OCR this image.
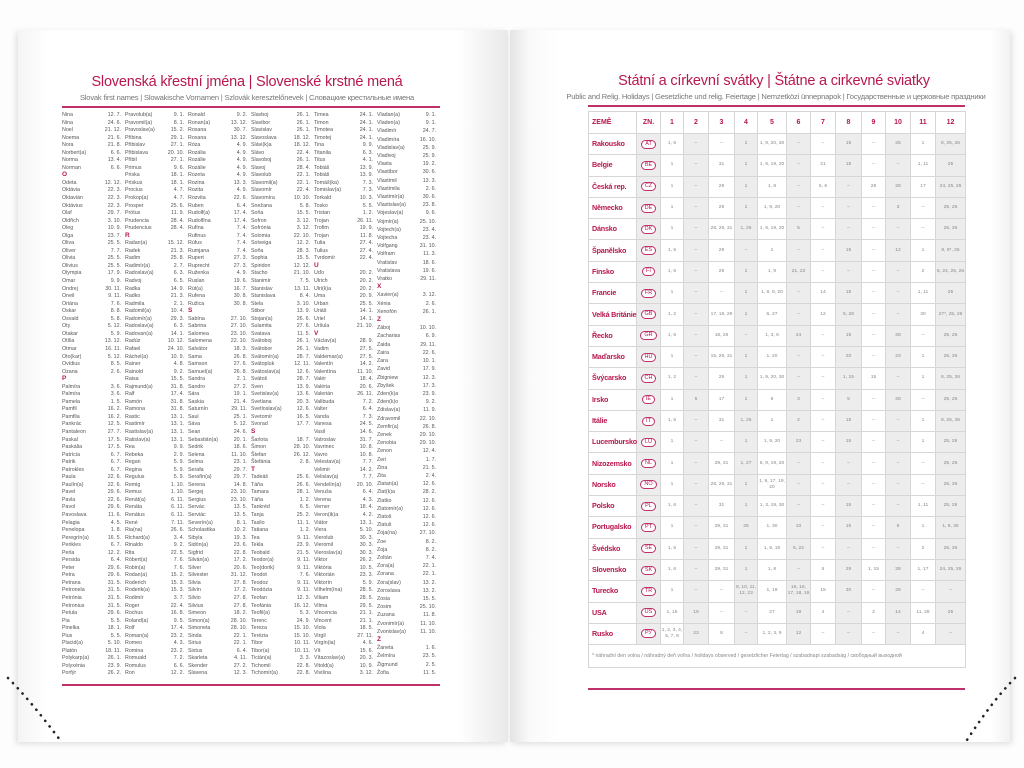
Slovenská křestní jména | Slovenské krstné mená
Slovak first names | Slowakische Vornamen | Szlovák keresztelőnevek | Словацкие крестильные имена
Nina	12. 7.
Nina	24. 6.
Noel	21. 12.
Noema	21. 6.
Nora	21. 8.
Norbert(a)	6. 6.
Norma	13. 4.
Norman	6. 6.
O
Odeta	12. 12.
Oktávia	22. 3.
Oktavián	22. 3.
Oktávius	22. 3.
Olaf	29. 7.
Oldřich	3. 10.
Oleg	10. 9.
Olga	23. 7.
Oliva	25. 5.
Oliver	7. 7.
Olivia	25. 5.
Olivius	25. 5.
Olympia	17. 9.
Omar	9. 9.
Ondrej	30. 11.
Oneil	9. 11.
Oriána	7. 6.
Oskar	8. 8.
Osvald	5. 8.
Oty	5. 12.
Otakar	5. 9.
Otília	13. 12.
Otmar	16. 11.
Oto(kar)	5. 12.
Ovídius	8. 5.
Ozana	2. 6.
P
Palmíra	3. 6.
Palmíra	3. 6.
Pamela	1. 5.
Pamfil	16. 2.
Pamfila	16. 2.
Pankrác	12. 5.
Pantaleon	27. 7.
Paskal	17. 5.
Paskália	17. 5.
Patrícia	6. 7.
Patrik	6. 7.
Patrokles	6. 7.
Paula	22. 6.
Paulín(a)	22. 6.
Pavel	29. 6.
Pavla	22. 6.
Pavol	29. 6.
Pavoslava	11. 6.
Pelagia	4. 5.
Penelopa	1. 8.
Peregrín(a)	16. 5.
Perikles	6. 7.
Perla	12. 2.
Persida	6. 4.
Peter	29. 6.
Petra	29. 6.
Petrana	31. 5.
Petronela	31. 5.
Petrónia	31. 5.
Petronius	31. 5.
Petula	29. 6.
Pia	5. 5.
Pinelka	18. 1.
Pius	5. 5.
Placid(a)	5. 10.
Platón	18. 11.
Polykarp(a)	26. 1.
Polyxénia	23. 9.
Porfýr	26. 2.
Pravolub(a)	9. 1.
Pravomil(a)	8. 1.
Pravoslav(a)	15. 2.
Přibina	29. 1.
Přibislav	27. 1.
Přibislava	20. 10.
Přibil	27. 1.
Primus	9. 6.
Priska	18. 1.
Priskus	18. 1.
Procius	4. 7.
Prokop(a)	4. 7.
Prosper	25. 6.
Prótus	11. 9.
Prudencia	28. 4.
Prudencius	28. 4.
R
Radan(a)	15. 12.
Radek	21. 3.
Radim	25. 8.
Radimír(a)	2. 7.
Radoslav(a)	6. 3.
Radvoj	6. 5.
Radka	14. 9.
Radko	21. 3.
Radmila	2. 1.
Radomil(a)	10. 4.
Radomír(a)	29. 3.
Radoslav(a)	6. 3.
Radovan(a)	14. 1.
Radúz	10. 12.
Rafael	24. 10.
Ráchel(a)	10. 9.
Rainer	4. 8.
Rainold	9. 2.
Raisa	15. 5.
Rajmund(a)	31. 8.
Ralf	17. 4.
Ramón	31. 8.
Ramona	31. 8.
Rastic	13. 1.
Rastimír	13. 1.
Rastislav(a)	13. 1.
Ratislav(a)	13. 1.
Rea	9. 9.
Rebeka	2. 9.
Regan	5. 9.
Regina	5. 9.
Regulus	5. 9.
Remig	1. 10.
Remus	1. 10.
Renát(a)	6. 11.
Renáta	6. 11.
Renátus	6. 11.
René	7. 11.
Ria(na)	26. 6.
Richard(a)	3. 4.
Rinaldo	9. 2.
Rita	22. 5.
Róbert(a)	7. 6.
Robin(a)	7. 6.
Rodan(a)	15. 2.
Roderich	15. 3.
Roderik(a)	15. 3.
Rodimír	3. 7.
Roger	22. 4.
Rochus	16. 8.
Roland(a)	9. 5.
Rolf	17. 4.
Roman(a)	23. 2.
Romeo	4. 3.
Romina	23. 2.
Romuald	7. 2.
Romulus	6. 6.
Ron	12. 2.
Ronald	9. 2.
Ronan(a)	13. 12.
Roxana	30. 7.
Roxana	13. 12.
Róza	4. 9.
Rozália	4. 9.
Rozálie	4. 9.
Rozálie	4. 9.
Rozeta	4. 9.
Rozina	13. 3.
Rozita	4. 9.
Rozvita	22. 6.
Ruben	6. 4.
Rudolf(a)	17. 4.
Rudolfína	17. 4.
Rufína	7. 4.
Rufinus	7. 4.
Rúfus	7. 4.
Rumjana	7. 4.
Rupert	27. 3.
Ruprecht	27. 3.
Ruženka	4. 9.
Ruslan	19. 6.
Rút(a)	16. 7.
Rufena	30. 8.
Ružica	30. 8.
S
Sabína	27. 10.
Sabrina	27. 10.
Salomea	23. 10.
Salomena	22. 10.
Salvátor	18. 3.
Sama	26. 8.
Samson	27. 6.
Samuel(a)	26. 8.
Sandra	2. 1.
Sandro	27. 2.
Sára	19. 1.
Saskia	21. 4.
Saturnín	29. 11.
Saul	25. 1.
Sáva	5. 12.
Sean	24. 6.
Sebastián(a)	20. 1.
Sedrik	18. 6.
Selena	11. 10.
Selma	23. 1.
Serafa	29. 7.
Serafín(a)	29. 7.
Serena	14. 8.
Sergej	23. 10.
Sergius	23. 10.
Servác	13. 5.
Serviác	13. 5.
Severín(a)	8. 1.
Scholastika	10. 2.
Sibyla	19. 3.
Sidón(a)	23. 6.
Sigfrid	22. 8.
Silván(a)	17. 2.
Silver	20. 6.
Silvester	31. 12.
Silvia	27. 8.
Silvín	17. 2.
Silvio	27. 8.
Silvius	27. 8.
Simeon	18. 2.
Simon(a)	28. 10.
Simoneta	28. 10.
Sinda	22. 1.
Sirius	22. 1.
Sixtus	6. 4.
Skarleta	4. 11.
Skender	27. 2.
Slavena	12. 3.
Slavboj	26. 1.
Slavibor	26. 1.
Slavislav	26. 1.
Slavoslava	18. 12.
Slávi(k)a	18. 12.
Slávo	22. 4.
Slavoboj	26. 1.
Slavoj	28. 4.
Slavolub	22. 1.
Slavomil(a)	22. 1.
Slavomír	22. 4.
Slavomíra	10. 10.
Snežana	5. 8.
Soňa	15. 5.
Sofron	3. 12.
Sofrónia	3. 12.
Solomia	22. 10.
Solveiga	12. 2.
Soňa	28. 3.
Sophia	15. 5.
Spiridon	12. 12.
Stacho	21. 10.
Stanimír	7. 5.
Stanislav	13. 11.
Stanislava	8. 4.
Stela	3. 10.
Stibor	13. 9.
Stojan(a)	26. 6.
Sulamita	27. 6.
Svatava	11. 5.
Svätoboj	26. 1.
Svätobor	26. 1.
Svätomír(a)	28. 7.
Svätopluk	12. 11.
Svätoslav(a)	12. 6.
Svätoš	28. 7.
Sven	13. 9.
Svetislav(a)	13. 6.
Svetlana	20. 3.
Svetloslav(a)	12. 6.
Svetomír	16. 5.
Svorad	17. 7.
Š
Šarlota	18. 7.
Šimon	28. 10.
Štefan	26. 12.
Štefánia	2. 8.
T
Tadeáš	25. 6.
Táňa	26. 6.
Tamara	28. 1.
Táňa	1. 2.
Tankréd	6. 5.
Tanja	25. 2.
Tasilo	11. 1.
Tatiana	1. 2.
Tea	9. 11.
Tekla	23. 9.
Teobald	21. 5.
Teodor(a)	9. 11.
Teo(dorik)	9. 11.
Teodot	7. 6.
Teodoz	9. 11.
Teodózia	9. 11.
Teofan	12. 3.
Teofánia	16. 12.
Teofil(a)	5. 3.
Terenc	24. 9.
Tereza	15. 10.
Terézia	15. 10.
Tibor	10. 11.
Tibor(a)	10. 11.
Ticián(a)	3. 3.
Tichomil	22. 8.
Tichomír(a)	22. 8.
Timea	24. 1.
Timon	24. 1.
Timotea	24. 1.
Timotej	24. 1.
Tina	9. 9.
Titanila	6. 3.
Titus	4. 1.
Tobiáš	13. 9.
Tobiáš	13. 9.
Tomáš(ka)	7. 3.
Tomislav(a)	7. 3.
Torkald	10. 3.
Tosko	5. 5.
Tristan	1. 2.
Trojan	26. 11.
Trofim	19. 9.
Trojan	11. 8.
Tulia	27. 4.
Tulius	27. 4.
Tvrdomír	22. 4.
U
Uďo	20. 2.
Ulrich	20. 2.
Ulri(k)a	20. 2.
Uma	20. 9.
Urban	25. 5.
Uriáš	14. 1.
Uriel	14. 1.
Uršula	21. 10.
V
Václav(a)	28. 9.
Vadim	27. 5.
Valdemar(a)	27. 5.
Valentín	14. 2.
Valentína	11. 10.
Valér	18. 4.
Valéria	20. 6.
Valerián	26. 11.
Valibuda	7. 2.
Valter	6. 4.
Vanda	7. 3.
Vanesa	24. 5.
Vasil	14. 6.
Vatroslav	31. 7.
Vavrinec	10. 8.
Vavro	10. 8.
Velestav(a)	7. 7.
Velimír	14. 2.
Velislav(a)	7. 7.
Vendelín(a)	20. 10.
Venuša	6. 4.
Verena	4. 3.
Verner	18. 4.
Veron(ik)a	4. 2.
Viátor	13. 1.
Viera	5. 10.
Vierolub	30. 3.
Vieromil	30. 3.
Vieroslav(a)	30. 3.
Viktor	26. 2.
Viktória	10. 5.
Viktorián	23. 3.
Viktorín	5. 9.
Vilhelm(ína)	28. 5.
Viliam	28. 5.
Vilma	29. 5.
Vincencia	21. 1.
Vincent	21. 1.
Viola	18. 5.
Virgil	27. 11.
Virgín(ia)	4. 6.
Vít	15. 6.
Vítazoslav(a)	20. 3.
Vitold(a)	10. 9.
Vivišna	3. 12.
Vladan(a)	9. 1.
Vladen(a)	9. 1.
Vladimír	24. 7.
Vladimíra	16. 10.
Vladislav(a)	25. 9.
Vladivoj	25. 9.
Vlasta	19. 2.
Vlastibor	30. 6.
Vlastimil	13. 3.
Vlastimila	2. 6.
Vlastimír(a)	30. 6.
Vlastislav(a)	23. 8.
Vojeslav(a)	9. 6.
Vojmír(a)	25. 10.
Vojtech(a)	23. 4.
Vojtecha	23. 4.
Volfgang	31. 10.
Volfram	11. 3.
Vratislav	18. 6.
Vratislava	19. 6.
Vratko	29. 11.
X
Xavier(a)	3. 12.
Xénia	2. 6.
Xenofón	26. 1.
Z
Záboj	10. 10.
Zacharias	6. 9.
Zaida	29. 11.
Zaira	22. 6.
Zara	10. 1.
Zavid	17. 9.
Zbigniew	12. 3.
Zbyšek	17. 3.
Zden(k)a	23. 9.
Zden(k)o	9. 2.
Zdislav(a)	11. 9.
Zdravomil	22. 10.
Zemfir(a)	26. 8.
Zenek	29. 10.
Zenobia	29. 10.
Zenon	12. 4.
Zeri	1. 7.
Zina	21. 5.
Zita	2. 4.
Zlatan(a)	12. 6.
Zlat(k)a	28. 2.
Zlatko	12. 6.
Zlatomír(a)	12. 6.
Zlatoš	12. 6.
Zlatuš	12. 6.
Zoja(na)	27. 10.
Zoe	8. 2.
Zoja	8. 2.
Zoltán	7. 4.
Zora(a)	22. 1.
Zorana	22. 1.
Zora(slav)	13. 2.
Zoroslava	13. 2.
Zosia	15. 5.
Zosim	25. 10.
Zuzana	11. 8.
Zvonimír(a)	11. 10.
Zvonislav(a)	11. 10.
Ž
Žaneta	1. 6.
Želmíra	23. 5.
Žigmund	2. 5.
Žofia	11. 5.
Státní a církevní svátky | Štátne a cirkevné sviatky
Public and Relig. Holidays | Gesetzliche und relig. Feiertage | Nemzetközi ünnepnapok | Государственные и церковные праздники
ZEMĚ	ZN.	1	2	3	4	5	6	7	8	9	10	11	12
Rakousko	AT	1, 6	–	–	1	1, 9, 20, 30	–	–	15	–	26	1	8, 25, 26
Belgie	BE	1	–	31	1	1, 9, 19, 20	–	21	15	–	–	1, 11	25
Česká rep.	CZ	1	–	29	1	1, 8	–	5, 6	–	28	28	17	24, 25, 26
Německo	DE	1	–	29	1	1, 9, 20	–	–	–	–	3	–	25, 26
Dánsko	DK	1	–	28, 29, 31	1, 26	1, 9, 19, 20	5	–	–	–	–	–	25, 26
Španělsko	ES	1, 6	–	29	–	1	–	–	15	–	12	1	8, 9*, 25
Finsko	FI	1, 6	–	29	1	1, 9	21, 22	–	–	–	–	2	6, 24, 25, 26
Francie	FR	1	–	–	1	1, 8, 9, 20	–	14	15	–	–	1, 11	25
Velká Británie	GB	1, 2	–	17, 18, 29	1	6, 27	–	12	5, 26	–	–	30	27*, 25, 26
Řecko	GR	1, 6	–	18, 25	–	1, 3, 6	24	–	15	–	28	–	25, 26
Maďarsko	HU	1	–	15, 29, 31	1	1, 20	–	–	20	–	23	1	25, 26
Švýcarsko	CH	1, 2	–	29	1	1, 9, 20, 30	–	–	1, 15	15	–	1	8, 25, 26
Irsko	IE	1	5	17	1	6	3	–	5	–	28	–	25, 26
Itálie	IT	1, 6	–	31	1, 25	1	2	–	15	–	–	1	8, 25, 26
Lucembursko	LU	1	–	–	1	1, 9, 20	23	–	15	–	–	1	25, 26
Nizozemsko	NL	1	–	29, 31	1, 27	5, 9, 19, 20	–	–	–	–	–	–	25, 26
Norsko	NO	1	–	28, 29, 31	1	1, 9, 17, 19, 20	–	–	–	–	–	–	25, 26
Polsko	PL	1, 6	–	31	1	1, 3, 19, 30	–	–	15	–	–	1, 11	25, 26
Portugalsko	PT	1	–	29, 31	25	1, 30	10	–	15	–	5	1	1, 8, 25
Švédsko	SE	1, 6	–	29, 31	1	1, 9, 19	6, 22	–	–	–	–	2	25, 26
Slovensko	SK	1, 6	–	29, 31	1	1, 8	–	5	29	1, 15	28	1, 17	24, 25, 26
Turecko	TR	1	–	–	8, 10, 11, 12, 23	1, 19	15, 16, 17, 18, 19	15	30	–	29	–	–
USA	US	1, 15	19	–	–	27	19	4	–	2	14	11, 28	25
Rusko	РУ	1, 2, 3, 4, 5, 7, 8	23	8	–	1, 2, 3, 9	12	–	–	–	–	4	–
* náhradní den volna / náhradný deň voľna / holidays observed / gesetzlicher Feiertag / szabadnapi szabadság / свободный выходной													
